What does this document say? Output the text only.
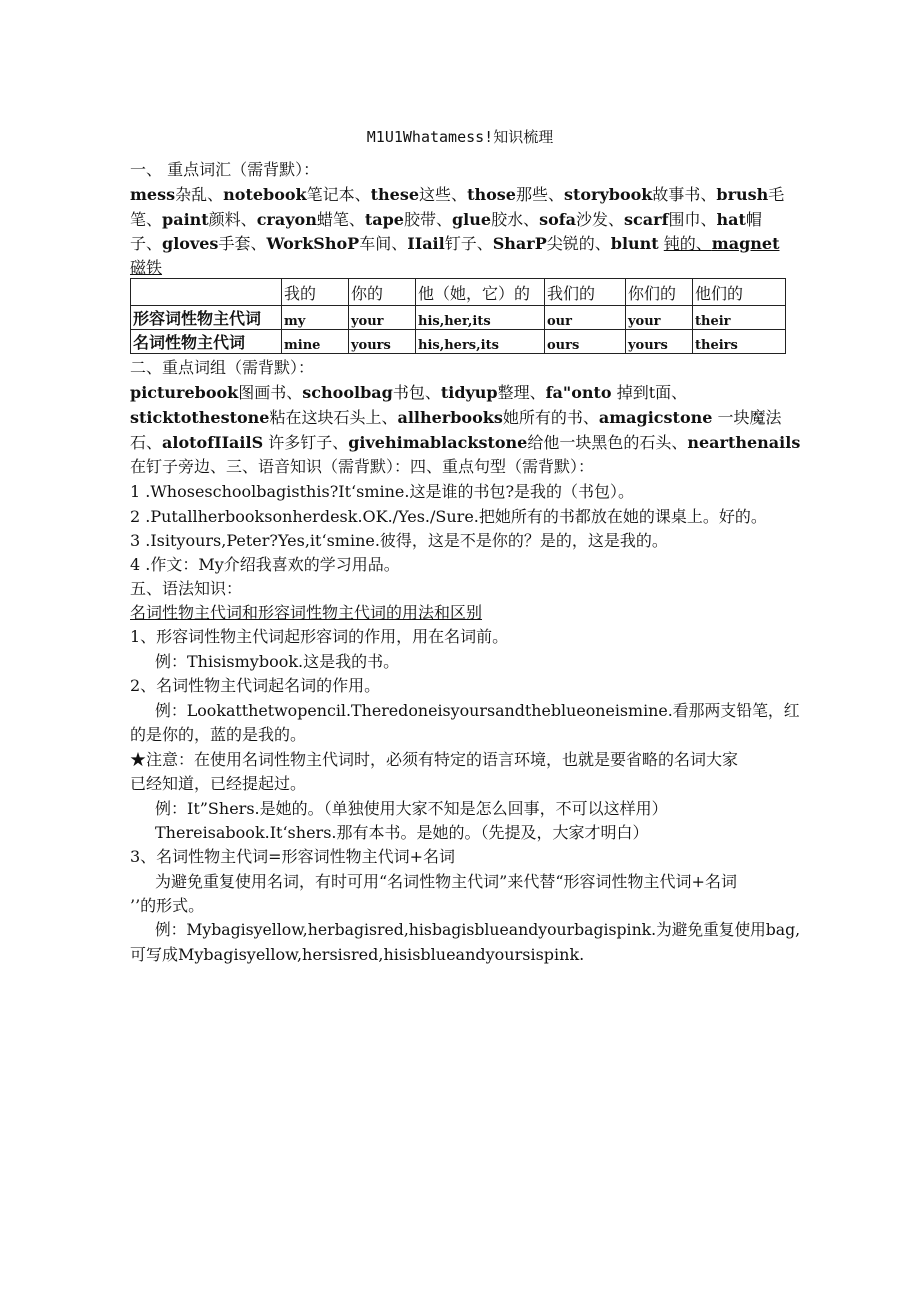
M1U1Whatamess!知识梳理
一、 重点词汇（需背默）：
mess杂乱、notebook笔记本、these这些、those那些、storybook故事书、brush毛
笔、paint颜料、crayon蜡笔、tape胶带、glue胶水、sofa沙发、scarf围巾、hat帽
子、gloves手套、WorkShoP车间、IIail钉子、SharP尖锐的、blunt 钝的、magnet
磁铁
	我的	你的	他（她，它）的	我们的	你们的	他们的
形容词性物主代词	my	your	his,her,its	our	your	their
名词性物主代词	mine	yours	his,hers,its	ours	yours	theirs
二、重点词组（需背默）：
picturebook图画书、schoolbag书包、tidyup整理、fa"onto 掉到t面、
sticktothestone粘在这块石头上、allherbooks她所有的书、amagicstone 一块魔法
石、alotofIIailS 许多钉子、givehimablackstone给他一块黑色的石头、nearthenails
在钉子旁边、三、语音知识（需背默）：四、重点句型（需背默）：
1 .Whoseschoolbagisthis?It‘smine.这是谁的书包?是我的（书包）。
2 .Putallherbooksonherdesk.OK./Yes./Sure.把她所有的书都放在她的课桌上。好的。
3 .Isityours,Peter?Yes,it‘smine.彼得，这是不是你的？是的，这是我的。
4 .作文：My介绍我喜欢的学习用品。
五、语法知识：
名词性物主代词和形容词性物主代词的用法和区别
1、形容词性物主代词起形容词的作用，用在名词前。
例：Thisismybook.这是我的书。
2、名词性物主代词起名词的作用。
例：Lookatthetwopencil.Theredoneisyoursandtheblueoneismine.看那两支铅笔，红
的是你的，蓝的是我的。
★注意：在使用名词性物主代词时，必须有特定的语言环境，也就是要省略的名词大家
已经知道，已经提起过。
例：It”Shers.是她的。（单独使用大家不知是怎么回事，不可以这样用）
Thereisabook.It‘shers.那有本书。是她的。（先提及，大家才明白）
3、名词性物主代词=形容词性物主代词+名词
为避免重复使用名词，有时可用“名词性物主代词”来代替“形容词性物主代词+名词
’’的形式。
例：Mybagisyellow,herbagisred,hisbagisblueandyourbagispink.为避免重复使用bag,
可写成Mybagisyellow,hersisred,hisisblueandyoursispink.
